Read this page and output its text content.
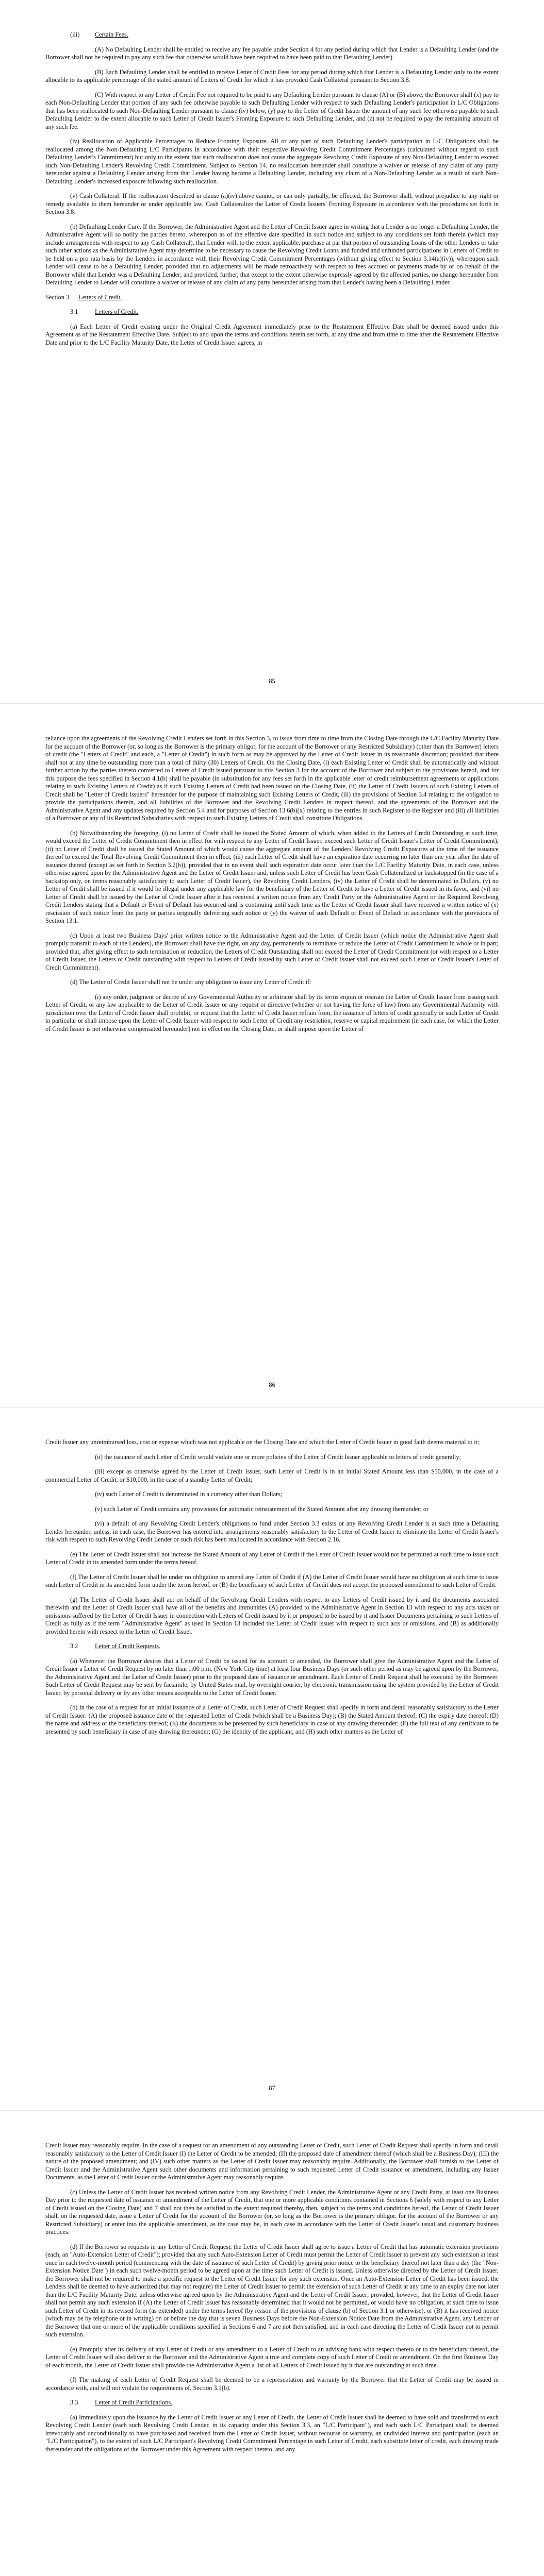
(iii) Certain Fees.

(A) No Defaulting Lender shall be entitled to receive any fee payable under Section 4 for any period during which that Lender is a Defaulting Lender (and the Borrower shall not be required to pay any such fee that otherwise would have been required to have been paid to that Defaulting Lender).

(B) Each Defaulting Lender shall be entitled to receive Letter of Credit Fees for any period during which that Lender is a Defaulting Lender only to the extent allocable to its applicable percentage of the stated amount of Letters of Credit for which it has provided Cash Collateral pursuant to Section 3.8.

(C) With respect to any Letter of Credit Fee not required to be paid to any Defaulting Lender pursuant to clause (A) or (B) above, the Borrower shall (x) pay to each Non-Defaulting Lender that portion of any such fee otherwise payable to such Defaulting Lender with respect to such Defaulting Lender's participation in L/C Obligations that has been reallocated to such Non-Defaulting Lender pursuant to clause (iv) below, (y) pay to the Letter of Credit Issuer the amount of any such fee otherwise payable to such Defaulting Lender to the extent allocable to such Letter of Credit Issuer's Fronting Exposure to such Defaulting Lender, and (z) not be required to pay the remaining amount of any such fee.

(iv) Reallocation of Applicable Percentages to Reduce Fronting Exposure. All or any part of such Defaulting Lender's participation in L/C Obligations shall be reallocated among the Non-Defaulting L/C Participants in accordance with their respective Revolving Credit Commitment Percentages (calculated without regard to such Defaulting Lender's Commitment) but only to the extent that such reallocation does not cause the aggregate Revolving Credit Exposure of any Non-Defaulting Lender to exceed such Non-Defaulting Lender's Revolving Credit Commitment. Subject to Section 14, no reallocation hereunder shall constitute a waiver or release of any claim of any party hereunder against a Defaulting Lender arising from that Lender having become a Defaulting Lender, including any claim of a Non-Defaulting Lender as a result of such Non-Defaulting Lender's increased exposure following such reallocation.

(v) Cash Collateral. If the reallocation described in clause (a)(iv) above cannot, or can only partially, be effected, the Borrower shall, without prejudice to any right or remedy available to them hereunder or under applicable law, Cash Collateralize the Letter of Credit Issuers' Fronting Exposure in accordance with the procedures set forth in Section 3.8.

(b) Defaulting Lender Cure. If the Borrower, the Administrative Agent and the Letter of Credit Issuer agree in writing that a Lender is no longer a Defaulting Lender, the Administrative Agent will so notify the parties hereto, whereupon as of the effective date specified in such notice and subject to any conditions set forth therein (which may include arrangements with respect to any Cash Collateral), that Lender will, to the extent applicable, purchase at par that portion of outstanding Loans of the other Lenders or take such other actions as the Administrative Agent may determine to be necessary to cause the Revolving Credit Loans and funded and unfunded participations in Letters of Credit to be held on a pro rata basis by the Lenders in accordance with their Revolving Credit Commitment Percentages (without giving effect to Section 3.14(a)(iv)), whereupon such Lender will cease to be a Defaulting Lender; provided that no adjustments will be made retroactively with respect to fees accrued or payments made by or on behalf of the Borrower while that Lender was a Defaulting Lender; and provided, further, that except to the extent otherwise expressly agreed by the affected parties, no change hereunder from Defaulting Lender to Lender will constitute a waiver or release of any claim of any party hereunder arising from that Lender's having been a Defaulting Lender.

Section 3. Letters of Credit.
3.1	Letters of Credit.

(a) Each Letter of Credit existing under the Original Credit Agreement immediately prior to the Restatement Effective Date shall be deemed issued under this Agreement as of the Restatement Effective Date. Subject to and upon the terms and conditions herein set forth, at any time and from time to time after the Restatement Effective Date and prior to the L/C Facility Maturity Date, the Letter of Credit Issuer agrees, in

85

reliance upon the agreements of the Revolving Credit Lenders set forth in this Section 3, to issue from time to time from the Closing Date through the L/C Facility Maturity Date for the account of the Borrower (or, so long as the Borrower is the primary obligor, for the account of the Borrower or any Restricted Subsidiary) (other than the Borrower) letters of credit (the "Letters of Credit" and each, a "Letter of Credit") in such form as may be approved by the Letter of Credit Issuer in its reasonable discretion; provided that there shall not at any time be outstanding more than a total of thirty (30) Letters of Credit. On the Closing Date, (i) each Existing Letter of Credit shall be automatically and without further action by the parties thereto converted to Letters of Credit issued pursuant to this Section 3 for the account of the Borrower and subject to the provisions hereof, and for this purpose the fees specified in Section 4.1(b) shall be payable (in substitution for any fees set forth in the applicable letter of credit reimbursement agreements or applications relating to such Existing Letters of Credit) as if such Existing Letters of Credit had been issued on the Closing Date, (ii) the Letter of Credit Issuers of such Existing Letters of Credit shall be "Letter of Credit Issuers" hereunder for the purpose of maintaining such Existing Letters of Credit, (iii) the provisions of Section 3.4 relating to the obligation to provide the participations therein, and all liabilities of the Borrower and the Revolving Credit Lenders in respect thereof, and the agreements of the Borrower and the Administrative Agent and any updates required by Section 5.4 and for purposes of Section 13.6(b)(x) relating to the entries in such Register to the Register and (iii) all liabilities of a Borrower or any of its Restricted Subsidiaries with respect to such Existing Letters of Credit shall constitute Obligations.

(b) Notwithstanding the foregoing, (i) no Letter of Credit shall be issued the Stated Amount of which, when added to the Letters of Credit Outstanding at such time, would exceed the Letter of Credit Commitment then in effect (or with respect to any Letter of Credit Issuer, exceed such Letter of Credit Issuer's Letter of Credit Commitment), (ii) no Letter of Credit shall be issued the Stated Amount of which would cause the aggregate amount of the Lenders' Revolving Credit Exposures at the time of the issuance thereof to exceed the Total Revolving Credit Commitment then in effect, (iii) each Letter of Credit shall have an expiration date occurring no later than one year after the date of issuance thereof (except as set forth in Section 3.2(b)), provided that in no event shall such expiration date occur later than the L/C Facility Maturity Date, in each case, unless otherwise agreed upon by the Administrative Agent and the Letter of Credit Issuer and, unless such Letter of Credit has been Cash Collateralized or backstopped (in the case of a backstop only, on terms reasonably satisfactory to such Letter of Credit Issuer), the Revolving Credit Lenders, (iv) the Letter of Credit shall be denominated in Dollars, (v) no Letter of Credit shall be issued if it would be illegal under any applicable law for the beneficiary of the Letter of Credit to have a Letter of Credit issued in its favor, and (vi) no Letter of Credit shall be issued by the Letter of Credit Issuer after it has received a written notice from any Credit Party or the Administrative Agent or the Required Revolving Credit Lenders stating that a Default or Event of Default has occurred and is continuing until such time as the Letter of Credit Issuer shall have received a written notice of (x) rescission of such notice from the party or parties originally delivering such notice or (y) the waiver of such Default or Event of Default in accordance with the provisions of Section 13.1.

(c) Upon at least two Business Days' prior written notice to the Administrative Agent and the Letter of Credit Issuer (which notice the Administrative Agent shall promptly transmit to each of the Lenders), the Borrower shall have the right, on any day, permanently to terminate or reduce the Letter of Credit Commitment in whole or in part; provided that, after giving effect to such termination or reduction, the Letters of Credit Outstanding shall not exceed the Letter of Credit Commitment (or with respect to a Letter of Credit Issuer, the Letters of Credit outstanding with respect to Letters of Credit issued by such Letter of Credit Issuer shall not exceed such Letter of Credit Issuer's Letter of Credit Commitment).

(d) The Letter of Credit Issuer shall not be under any obligation to issue any Letter of Credit if:

(i) any order, judgment or decree of any Governmental Authority or arbitrator shall by its terms enjoin or restrain the Letter of Credit Issuer from issuing such Letter of Credit, or any law applicable to the Letter of Credit Issuer or any request or directive (whether or not having the force of law) from any Governmental Authority with jurisdiction over the Letter of Credit Issuer shall prohibit, or request that the Letter of Credit Issuer refrain from, the issuance of letters of credit generally or such Letter of Credit in particular or shall impose upon the Letter of Credit Issuer with respect to such Letter of Credit any restriction, reserve or capital requirement (in each case, for which the Letter of Credit Issuer is not otherwise compensated hereunder) not in effect on the Closing Date, or shall impose upon the Letter of

86

Credit Issuer any unreimbursed loss, cost or expense which was not applicable on the Closing Date and which the Letter of Credit Issuer in good faith deems material to it;

(ii) the issuance of such Letter of Credit would violate one or more policies of the Letter of Credit Issuer applicable to letters of credit generally;

(iii) except as otherwise agreed by the Letter of Credit Issuer, such Letter of Credit is in an initial Stated Amount less than $50,000, in the case of a commercial Letter of Credit, or $10,000, in the case of a standby Letter of Credit;

(iv) such Letter of Credit is denominated in a currency other than Dollars;

(v) such Letter of Credit contains any provisions for automatic reinstatement of the Stated Amount after any drawing thereunder; or

(vi) a default of any Revolving Credit Lender's obligations to fund under Section 3.3 exists or any Revolving Credit Lender is at such time a Defaulting Lender hereunder, unless, in each case, the Borrower has entered into arrangements reasonably satisfactory to the Letter of Credit Issuer to eliminate the Letter of Credit Issuer's risk with respect to such Revolving Credit Lender or such risk has been reallocated in accordance with Section 2.16.

(e) The Letter of Credit Issuer shall not increase the Stated Amount of any Letter of Credit if the Letter of Credit Issuer would not be permitted at such time to issue such Letter of Credit in its amended form under the terms hereof.

(f) The Letter of Credit Issuer shall be under no obligation to amend any Letter of Credit if (A) the Letter of Credit Issuer would have no obligation at such time to issue such Letter of Credit in its amended form under the terms hereof, or (B) the beneficiary of such Letter of Credit does not accept the proposed amendment to such Letter of Credit.

(g) The Letter of Credit Issuer shall act on behalf of the Revolving Credit Lenders with respect to any Letters of Credit issued by it and the documents associated therewith and the Letter of Credit Issuer shall have all of the benefits and immunities (A) provided to the Administrative Agent in Section 13 with respect to any acts taken or omissions suffered by the Letter of Credit Issuer in connection with Letters of Credit issued by it or proposed to be issued by it and Issuer Documents pertaining to such Letters of Credit as fully as if the term "Administrative Agent" as used in Section 13 included the Letter of Credit Issuer with respect to such acts or omissions, and (B) as additionally provided herein with respect to the Letter of Credit Issuer.

3.2	Letter of Credit Requests.

(a) Whenever the Borrower desires that a Letter of Credit be issued for its account or amended, the Borrower shall give the Administrative Agent and the Letter of Credit Issuer a Letter of Credit Request by no later than 1:00 p.m. (New York City time) at least four Business Days (or such other period as may be agreed upon by the Borrower, the Administrative Agent and the Letter of Credit Issuer) prior to the proposed date of issuance or amendment. Each Letter of Credit Request shall be executed by the Borrower. Such Letter of Credit Request may be sent by facsimile, by United States mail, by overnight courier, by electronic transmission using the system provided by the Letter of Credit Issuer, by personal delivery or by any other means acceptable to the Letter of Credit Issuer.

(b) In the case of a request for an initial issuance of a Letter of Credit, such Letter of Credit Request shall specify in form and detail reasonably satisfactory to the Letter of Credit Issuer: (A) the proposed issuance date of the requested Letter of Credit (which shall be a Business Day); (B) the Stated Amount thereof; (C) the expiry date thereof; (D) the name and address of the beneficiary thereof; (E) the documents to be presented by such beneficiary in case of any drawing thereunder; (F) the full text of any certificate to be presented by such beneficiary in case of any drawing thereunder; (G) the identity of the applicant; and (H) such other matters as the Letter of

87

Credit Issuer may reasonably require. In the case of a request for an amendment of any outstanding Letter of Credit, such Letter of Credit Request shall specify in form and detail reasonably satisfactory to the Letter of Credit Issuer (I) the Letter of Credit to be amended; (II) the proposed date of amendment thereof (which shall be a Business Day); (III) the nature of the proposed amendment; and (IV) such other matters as the Letter of Credit Issuer may reasonably require. Additionally, the Borrower shall furnish to the Letter of Credit Issuer and the Administrative Agent such other documents and information pertaining to such requested Letter of Credit issuance or amendment, including any Issuer Documents, as the Letter of Credit Issuer or the Administrative Agent may reasonably require.

(c) Unless the Letter of Credit Issuer has received written notice from any Revolving Credit Lender, the Administrative Agent or any Credit Party, at least one Business Day prior to the requested date of issuance or amendment of the Letter of Credit, that one or more applicable conditions contained in Sections 6 (solely with respect to any Letter of Credit issued on the Closing Date) and 7 shall not then be satisfied to the extent required thereby, then, subject to the terms and conditions hereof, the Letter of Credit Issuer shall, on the requested date, issue a Letter of Credit for the account of the Borrower (or, so long as the Borrower is the primary obligor, for the account of the Borrower or any Restricted Subsidiary) or enter into the applicable amendment, as the case may be, in each case in accordance with the Letter of Credit Issuer's usual and customary business practices.

(d) If the Borrower so requests in any Letter of Credit Request, the Letter of Credit Issuer shall agree to issue a Letter of Credit that has automatic extension provisions (each, an "Auto-Extension Letter of Credit"); provided that any such Auto-Extension Letter of Credit must permit the Letter of Credit Issuer to prevent any such extension at least once in each twelve-month period (commencing with the date of issuance of such Letter of Credit) by giving prior notice to the beneficiary thereof not later than a day (the "Non-Extension Notice Date") in each such twelve-month period to be agreed upon at the time such Letter of Credit is issued. Unless otherwise directed by the Letter of Credit Issuer, the Borrower shall not be required to make a specific request to the Letter of Credit Issuer for any such extension. Once an Auto-Extension Letter of Credit has been issued, the Lenders shall be deemed to have authorized (but may not require) the Letter of Credit Issuer to permit the extension of such Letter of Credit at any time to an expiry date not later than the L/C Facility Maturity Date, unless otherwise agreed upon by the Administrative Agent and the Letter of Credit Issuer; provided, however, that the Letter of Credit Issuer shall not permit any such extension if (A) the Letter of Credit Issuer has reasonably determined that it would not be permitted, or would have no obligation, at such time to issue such Letter of Credit in its revised form (as extended) under the terms hereof (by reason of the provisions of clause (b) of Section 3.1 or otherwise), or (B) it has received notice (which may be by telephone or in writing) on or before the day that is seven Business Days before the Non-Extension Notice Date from the Administrative Agent, any Lender or the Borrower that one or more of the applicable conditions specified in Sections 6 and 7 are not then satisfied, and in each case directing the Letter of Credit Issuer not to permit such extension.

(e) Promptly after its delivery of any Letter of Credit or any amendment to a Letter of Credit to an advising bank with respect thereto or to the beneficiary thereof, the Letter of Credit Issuer will also deliver to the Borrower and the Administrative Agent a true and complete copy of such Letter of Credit or amendment. On the first Business Day of each month, the Letter of Credit Issuer shall provide the Administrative Agent a list of all Letters of Credit issued by it that are outstanding at such time.

(f) The making of each Letter of Credit Request shall be deemed to be a representation and warranty by the Borrower that the Letter of Credit may be issued in accordance with, and will not violate the requirements of, Section 3.1(b).

3.3	Letter of Credit Participations.

(a) Immediately upon the issuance by the Letter of Credit Issuer of any Letter of Credit, the Letter of Credit Issuer shall be deemed to have sold and transferred to each Revolving Credit Lender (each such Revolving Credit Lender, in its capacity under this Section 3.3, an "L/C Participant"), and each such L/C Participant shall be deemed irrevocably and unconditionally to have purchased and received from the Letter of Credit Issuer, without recourse or warranty, an undivided interest and participation (each an "L/C Participation"), to the extent of such L/C Participant's Revolving Credit Commitment Percentage in such Letter of Credit, each substitute letter of credit, each drawing made thereunder and the obligations of the Borrower under this Agreement with respect thereto, and any
